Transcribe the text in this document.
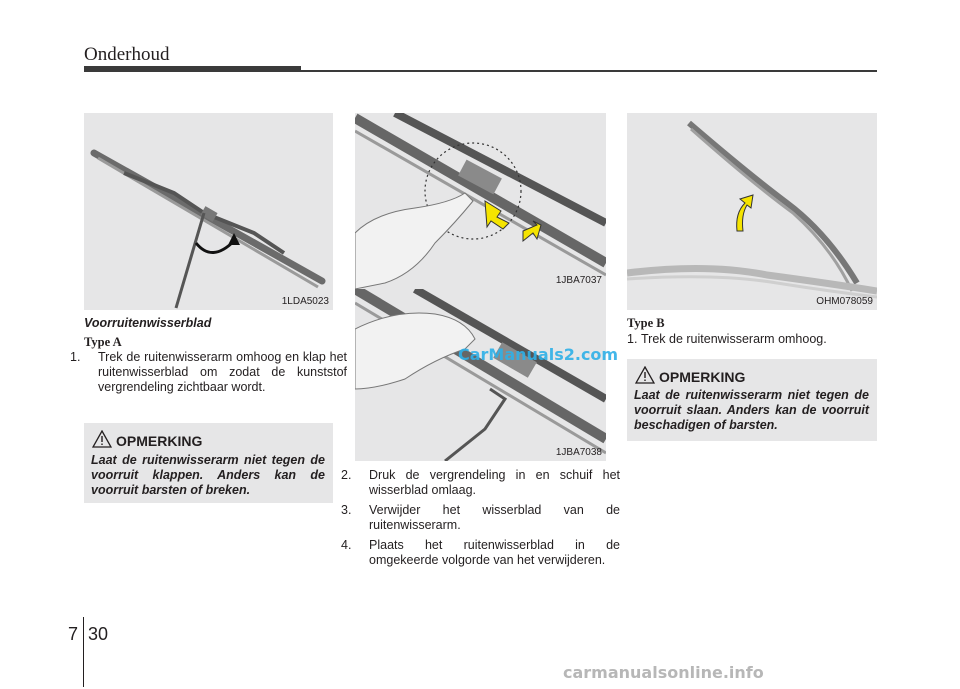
Onderhoud
1LDA5023
1JBA7037
1JBA7038
OHM078059
Voorruitenwisserblad
Type A
1. Trek de ruitenwisserarm omhoog en klap het ruitenwisserblad om zodat de kunststof vergrendeling zichtbaar wordt.
OPMERKING
Laat de ruitenwisserarm niet tegen de voorruit klappen. Anders kan de voorruit barsten of breken.
2. Druk de vergrendeling in en schuif het wisserblad omlaag.
3. Verwijder het wisserblad van de ruitenwisserarm.
4. Plaats het ruitenwisserblad in de omgekeerde volgorde van het verwijderen.
Type B
1. Trek de ruitenwisserarm omhoog.
OPMERKING
Laat de ruitenwisserarm niet tegen de voorruit slaan. Anders kan de voorruit beschadigen of barsten.
CarManuals2.com
carmanualsonline.info
7 30
